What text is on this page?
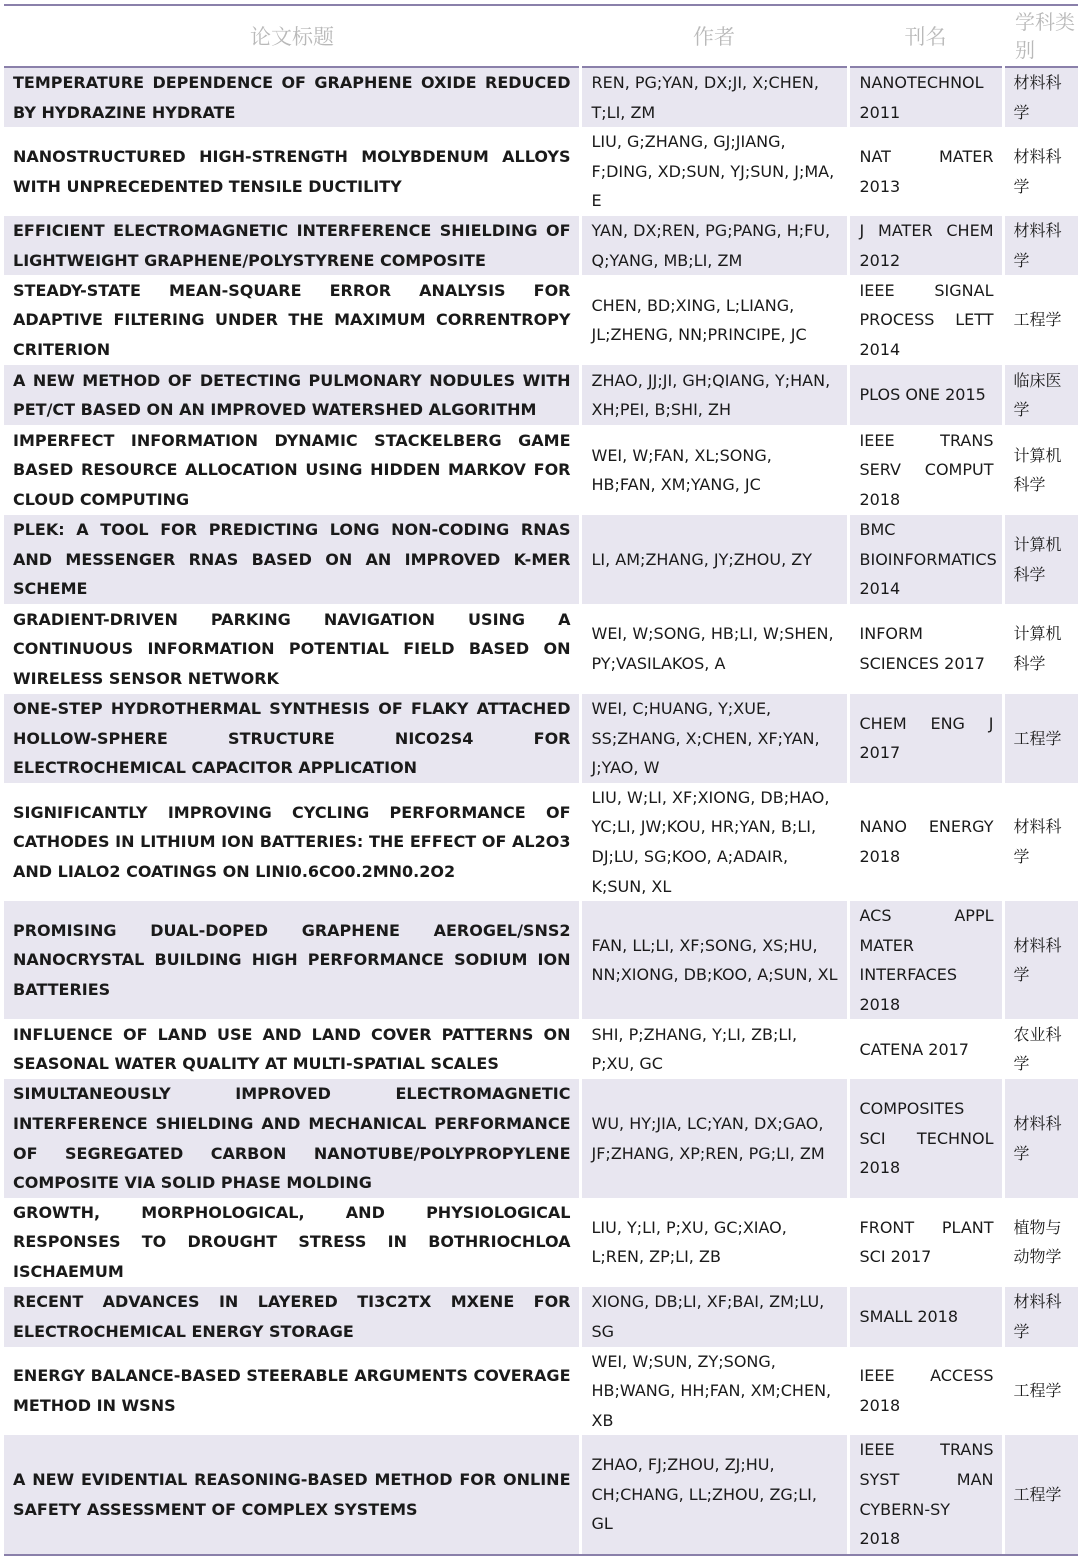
论文标题	作者	刊名	学科类别
TEMPERATURE DEPENDENCE OF GRAPHENE OXIDE REDUCED BY HYDRAZINE HYDRATE	REN, PG;YAN, DX;JI, X;CHEN, T;LI, ZM	NANOTECHNOL 2011	材料科学
NANOSTRUCTURED HIGH-STRENGTH MOLYBDENUM ALLOYS WITH UNPRECEDENTED TENSILE DUCTILITY	LIU, G;ZHANG, GJ;JIANG, F;DING, XD;SUN, YJ;SUN, J;MA, E	NAT MATER 2013	材料科学
EFFICIENT ELECTROMAGNETIC INTERFERENCE SHIELDING OF LIGHTWEIGHT GRAPHENE/POLYSTYRENE COMPOSITE	YAN, DX;REN, PG;PANG, H;FU, Q;YANG, MB;LI, ZM	J MATER CHEM 2012	材料科学
STEADY-STATE MEAN-SQUARE ERROR ANALYSIS FOR ADAPTIVE FILTERING UNDER THE MAXIMUM CORRENTROPY CRITERION	CHEN, BD;XING, L;LIANG, JL;ZHENG, NN;PRINCIPE, JC	IEEE SIGNAL PROCESS LETT 2014	工程学
A NEW METHOD OF DETECTING PULMONARY NODULES WITH PET/CT BASED ON AN IMPROVED WATERSHED ALGORITHM	ZHAO, JJ;JI, GH;QIANG, Y;HAN, XH;PEI, B;SHI, ZH	PLOS ONE 2015	临床医学
IMPERFECT INFORMATION DYNAMIC STACKELBERG GAME BASED RESOURCE ALLOCATION USING HIDDEN MARKOV FOR CLOUD COMPUTING	WEI, W;FAN, XL;SONG, HB;FAN, XM;YANG, JC	IEEE TRANS SERV COMPUT 2018	计算机科学
PLEK: A TOOL FOR PREDICTING LONG NON-CODING RNAS AND MESSENGER RNAS BASED ON AN IMPROVED K-MER SCHEME	LI, AM;ZHANG, JY;ZHOU, ZY	BMC BIOINFORMATICS 2014	计算机科学
GRADIENT-DRIVEN PARKING NAVIGATION USING A CONTINUOUS INFORMATION POTENTIAL FIELD BASED ON WIRELESS SENSOR NETWORK	WEI, W;SONG, HB;LI, W;SHEN, PY;VASILAKOS, A	INFORM SCIENCES 2017	计算机科学
ONE-STEP HYDROTHERMAL SYNTHESIS OF FLAKY ATTACHED HOLLOW-SPHERE STRUCTURE NICO2S4 FOR ELECTROCHEMICAL CAPACITOR APPLICATION	WEI, C;HUANG, Y;XUE, SS;ZHANG, X;CHEN, XF;YAN, J;YAO, W	CHEM ENG J 2017	工程学
SIGNIFICANTLY IMPROVING CYCLING PERFORMANCE OF CATHODES IN LITHIUM ION BATTERIES: THE EFFECT OF AL2O3 AND LIALO2 COATINGS ON LINI0.6CO0.2MN0.2O2	LIU, W;LI, XF;XIONG, DB;HAO, YC;LI, JW;KOU, HR;YAN, B;LI, DJ;LU, SG;KOO, A;ADAIR, K;SUN, XL	NANO ENERGY 2018	材料科学
PROMISING DUAL-DOPED GRAPHENE AEROGEL/SNS2 NANOCRYSTAL BUILDING HIGH PERFORMANCE SODIUM ION BATTERIES	FAN, LL;LI, XF;SONG, XS;HU, NN;XIONG, DB;KOO, A;SUN, XL	ACS APPL MATER INTERFACES 2018	材料科学
INFLUENCE OF LAND USE AND LAND COVER PATTERNS ON SEASONAL WATER QUALITY AT MULTI-SPATIAL SCALES	SHI, P;ZHANG, Y;LI, ZB;LI, P;XU, GC	CATENA 2017	农业科学
SIMULTANEOUSLY IMPROVED ELECTROMAGNETIC INTERFERENCE SHIELDING AND MECHANICAL PERFORMANCE OF SEGREGATED CARBON NANOTUBE/POLYPROPYLENE COMPOSITE VIA SOLID PHASE MOLDING	WU, HY;JIA, LC;YAN, DX;GAO, JF;ZHANG, XP;REN, PG;LI, ZM	COMPOSITES SCI TECHNOL 2018	材料科学
GROWTH, MORPHOLOGICAL, AND PHYSIOLOGICAL RESPONSES TO DROUGHT STRESS IN BOTHRIOCHLOA ISCHAEMUM	LIU, Y;LI, P;XU, GC;XIAO, L;REN, ZP;LI, ZB	FRONT PLANT SCI 2017	植物与动物学
RECENT ADVANCES IN LAYERED TI3C2TX MXENE FOR ELECTROCHEMICAL ENERGY STORAGE	XIONG, DB;LI, XF;BAI, ZM;LU, SG	SMALL 2018	材料科学
ENERGY BALANCE-BASED STEERABLE ARGUMENTS COVERAGE METHOD IN WSNS	WEI, W;SUN, ZY;SONG, HB;WANG, HH;FAN, XM;CHEN, XB	IEEE ACCESS 2018	工程学
A NEW EVIDENTIAL REASONING-BASED METHOD FOR ONLINE SAFETY ASSESSMENT OF COMPLEX SYSTEMS	ZHAO, FJ;ZHOU, ZJ;HU, CH;CHANG, LL;ZHOU, ZG;LI, GL	IEEE TRANS SYST MAN CYBERN-SY 2018	工程学
